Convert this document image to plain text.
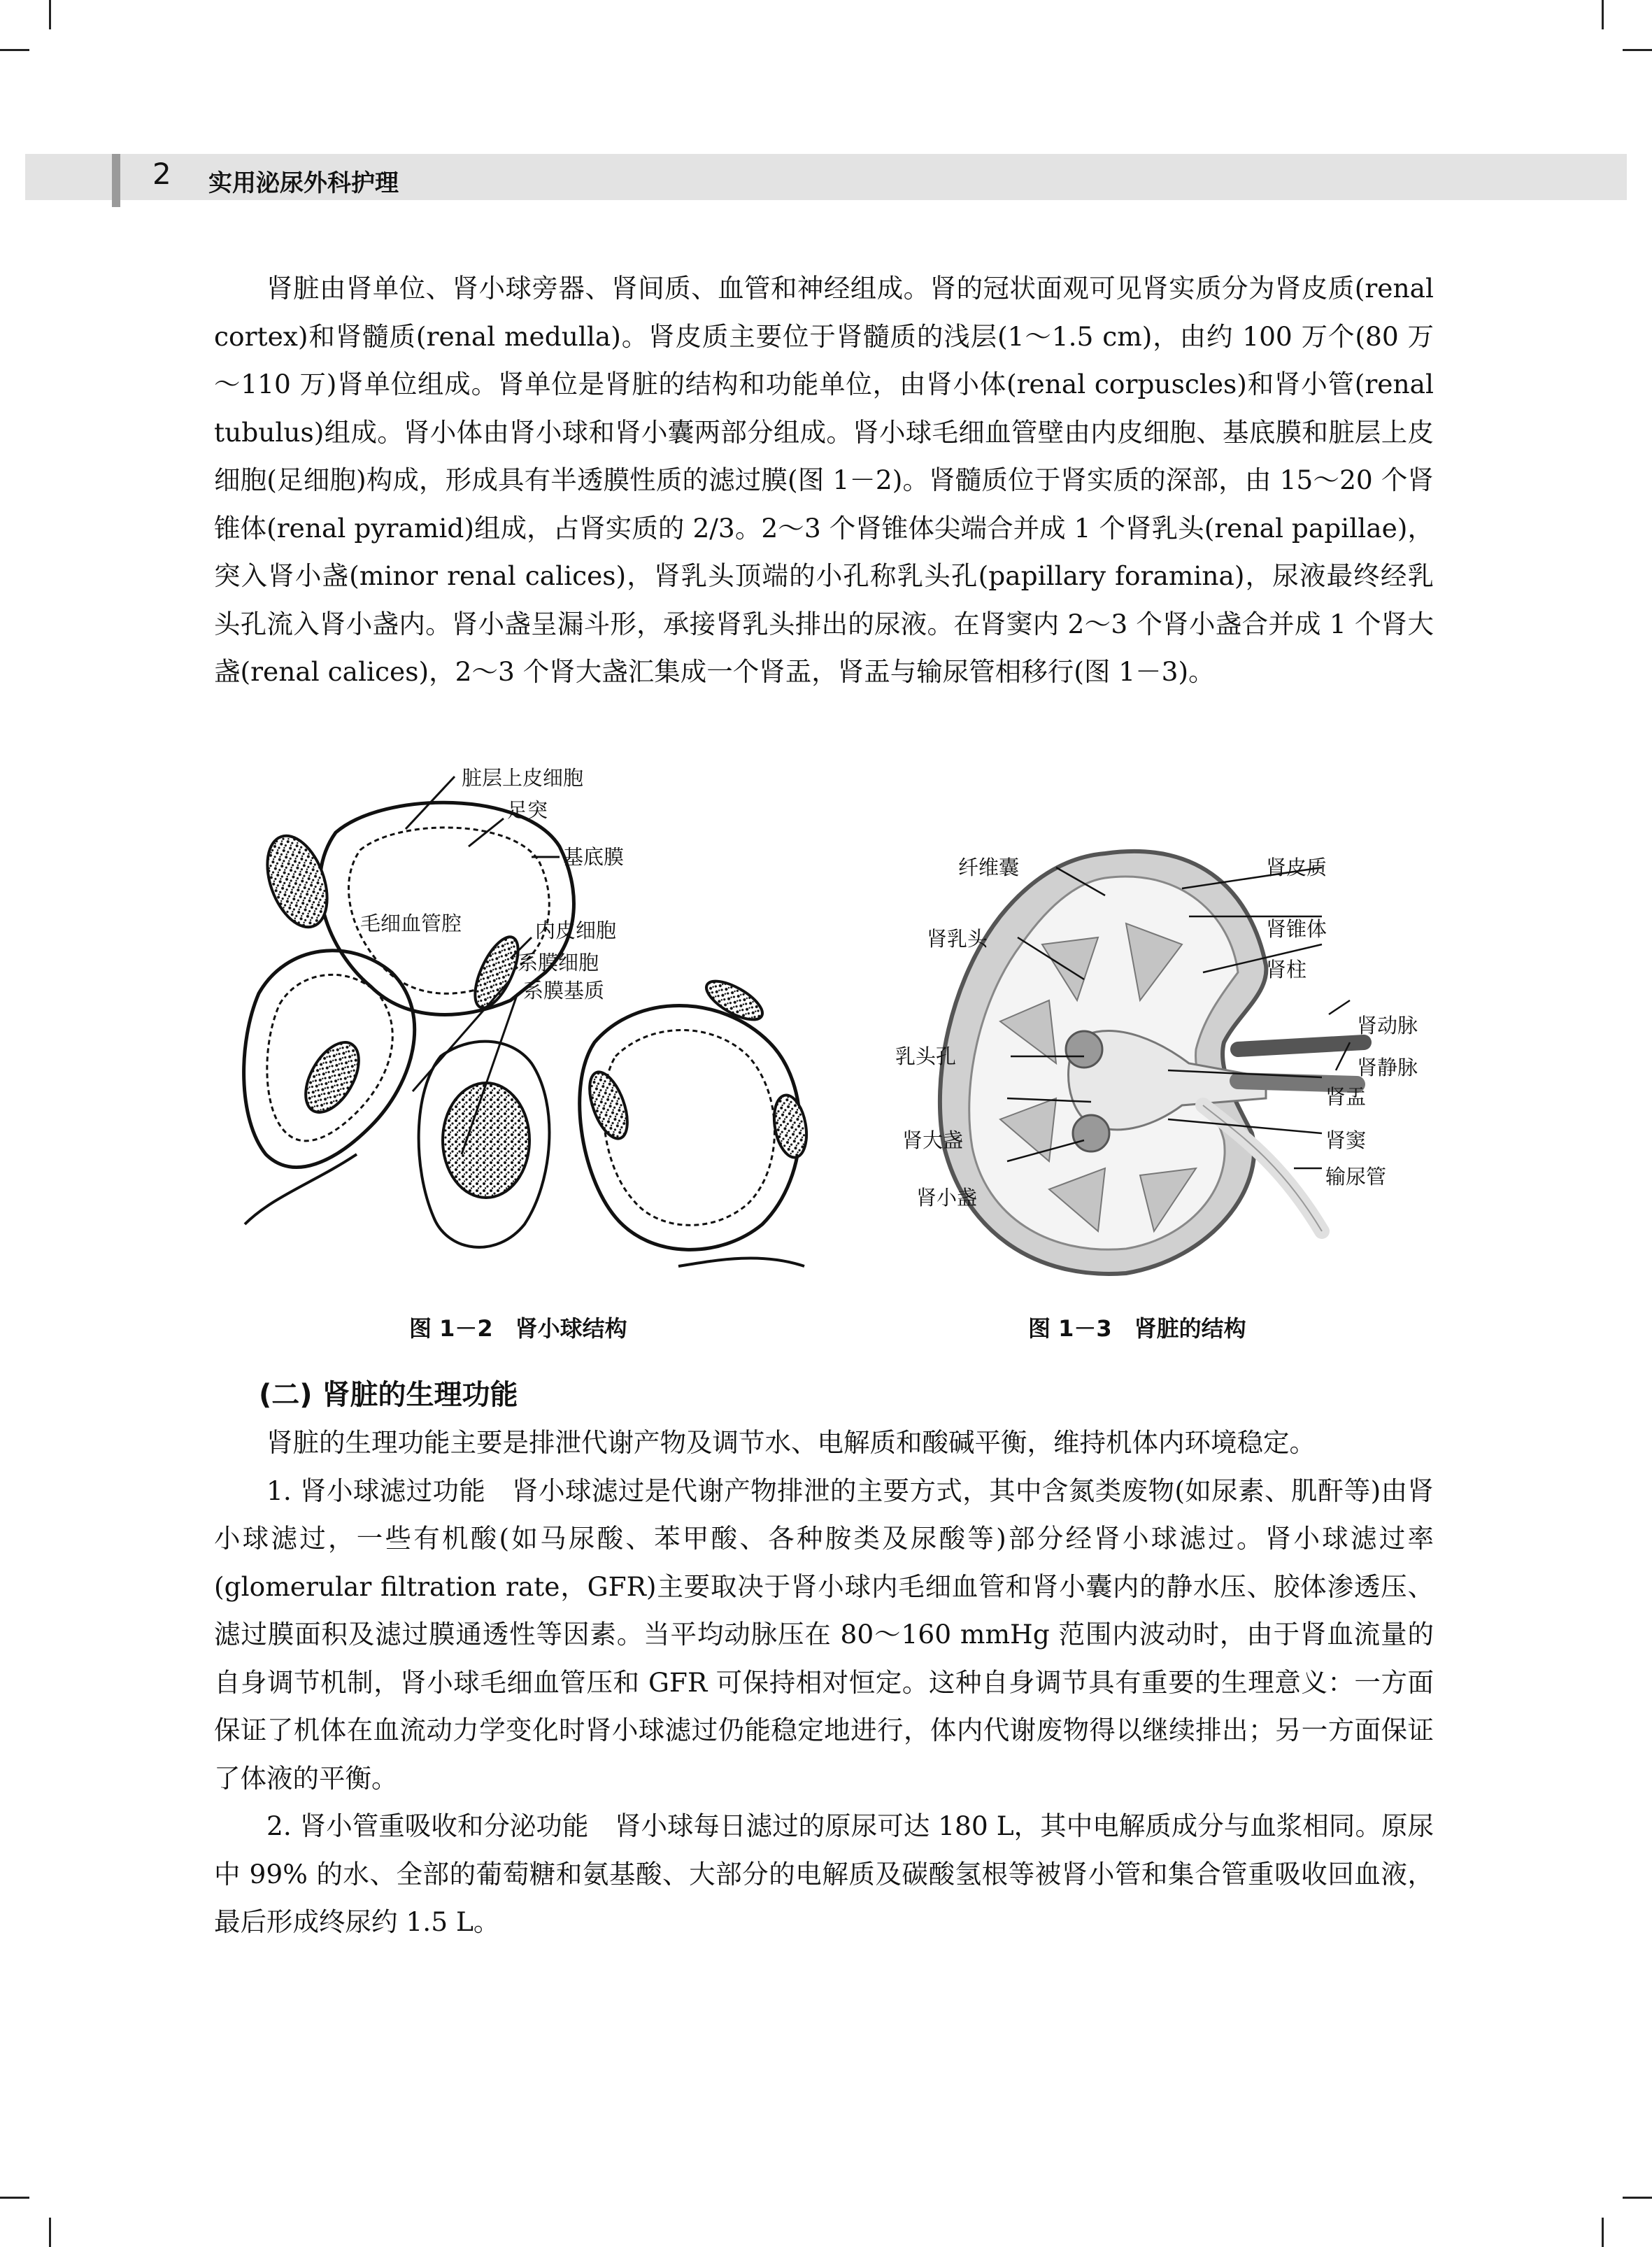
2 实用泌尿外科护理

肾脏由肾单位、肾小球旁器、肾间质、血管和神经组成。肾的冠状面观可见肾实质分为肾皮质(renal cortex)和肾髓质(renal medulla)。肾皮质主要位于肾髓质的浅层(1～1.5 cm)，由约 100 万个(80 万～110 万)肾单位组成。肾单位是肾脏的结构和功能单位，由肾小体(renal corpuscles)和肾小管(renal tubulus)组成。肾小体由肾小球和肾小囊两部分组成。肾小球毛细血管壁由内皮细胞、基底膜和脏层上皮细胞(足细胞)构成，形成具有半透膜性质的滤过膜(图 1－2)。肾髓质位于肾实质的深部，由 15～20 个肾锥体(renal pyramid)组成，占肾实质的 2/3。2～3 个肾锥体尖端合并成 1 个肾乳头(renal papillae)，突入肾小盏(minor renal calices)，肾乳头顶端的小孔称乳头孔(papillary foramina)，尿液最终经乳头孔流入肾小盏内。肾小盏呈漏斗形，承接肾乳头排出的尿液。在肾窦内 2～3 个肾小盏合并成 1 个肾大盏(renal calices)，2～3 个肾大盏汇集成一个肾盂，肾盂与输尿管相移行(图 1－3)。

脏层上皮细胞
足突
基底膜
毛细血管腔	内皮细胞
系膜细胞
系膜基质
图 1－2　肾小球结构
纤维囊	肾皮质
肾乳头	肾锥体
肾柱
肾动脉
乳头孔	肾静脉
肾盂
肾大盏	肾窦
输尿管
肾小盏
图 1－3　肾脏的结构
(二) 肾脏的生理功能

肾脏的生理功能主要是排泄代谢产物及调节水、电解质和酸碱平衡，维持机体内环境稳定。

1. 肾小球滤过功能　肾小球滤过是代谢产物排泄的主要方式，其中含氮类废物(如尿素、肌酐等)由肾小球滤过，一些有机酸(如马尿酸、苯甲酸、各种胺类及尿酸等)部分经肾小球滤过。肾小球滤过率(glomerular filtration rate，GFR)主要取决于肾小球内毛细血管和肾小囊内的静水压、胶体渗透压、滤过膜面积及滤过膜通透性等因素。当平均动脉压在 80～160 mmHg 范围内波动时，由于肾血流量的自身调节机制，肾小球毛细血管压和 GFR 可保持相对恒定。这种自身调节具有重要的生理意义：一方面保证了机体在血流动力学变化时肾小球滤过仍能稳定地进行，体内代谢废物得以继续排出；另一方面保证了体液的平衡。

2. 肾小管重吸收和分泌功能　肾小球每日滤过的原尿可达 180 L，其中电解质成分与血浆相同。原尿中 99% 的水、全部的葡萄糖和氨基酸、大部分的电解质及碳酸氢根等被肾小管和集合管重吸收回血液，最后形成终尿约 1.5 L。
